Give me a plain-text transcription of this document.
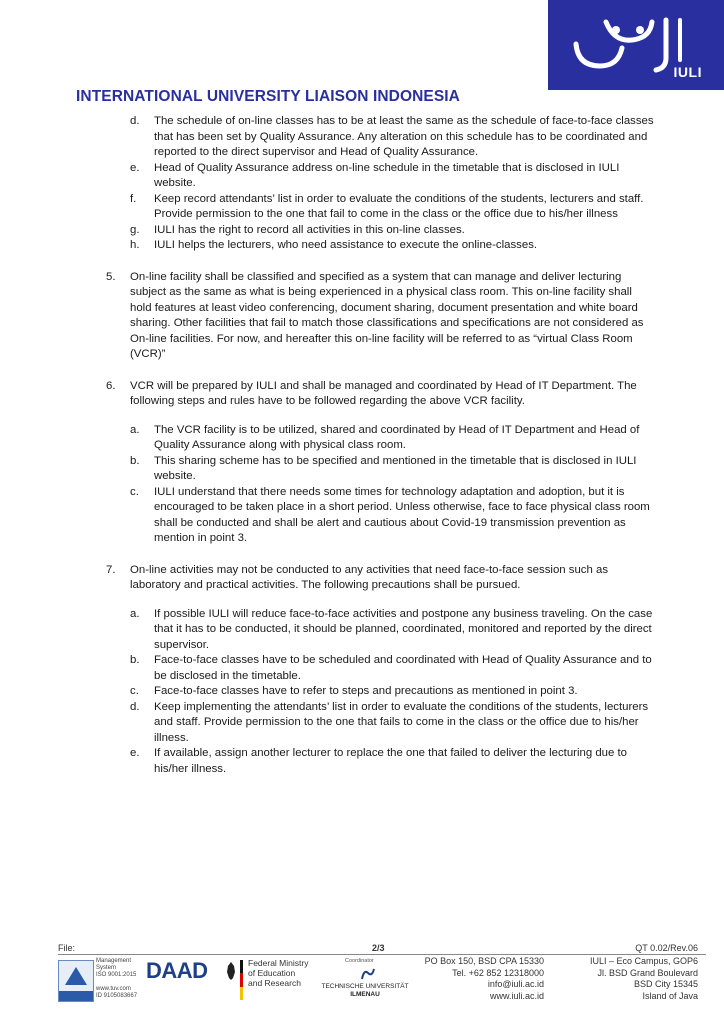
IULI
INTERNATIONAL UNIVERSITY LIAISON INDONESIA

d. The schedule of on-line classes has to be at least the same as the schedule of face-to-face classes that has been set by Quality Assurance. Any alteration on this schedule has to be coordinated and reported to the direct supervisor and Head of Quality Assurance.

e. Head of Quality Assurance address on-line schedule in the timetable that is disclosed in IULI website.

f. Keep record attendants’ list in order to evaluate the conditions of the students, lecturers and staff. Provide permission to the one that fail to come in the class or the office due to his/her illness

g. IULI has the right to record all activities in this on-line classes.

h. IULI helps the lecturers, who need assistance to execute the online-classes.

5. On-line facility shall be classified and specified as a system that can manage and deliver lecturing subject as the same as what is being experienced in a physical class room. This on-line facility shall hold features at least video conferencing, document sharing, document presentation and white board sharing. Other facilities that fail to match those classifications and specifications are not considered as On-line facilities. For now, and hereafter this on-line facility will be referred to as “virtual Class Room (VCR)”

6. VCR will be prepared by IULI and shall be managed and coordinated by Head of IT Department. The following steps and rules have to be followed regarding the above VCR facility.

a. The VCR facility is to be utilized, shared and coordinated by Head of IT Department and Head of Quality Assurance along with physical class room.

b. This sharing scheme has to be specified and mentioned in the timetable that is disclosed in IULI website.

c. IULI understand that there needs some times for technology adaptation and adoption, but it is encouraged to be taken place in a short period. Unless otherwise, face to face physical class room shall be conducted and shall be alert and cautious about Covid-19 transmission prevention as mention in point 3.

7. On-line activities may not be conducted to any activities that need face-to-face session such as laboratory and practical activities. The following precautions shall be pursued.

a. If possible IULI will reduce face-to-face activities and postpone any business traveling. On the case that it has to be conducted, it should be planned, coordinated, monitored and reported by the direct supervisor.

b. Face-to-face classes have to be scheduled and coordinated with Head of Quality Assurance and to be disclosed in the timetable.

c. Face-to-face classes have to refer to steps and precautions as mentioned in point 3.

d. Keep implementing the attendants’ list in order to evaluate the conditions of the students, lecturers and staff. Provide permission to the one that fails to come in the class or the office due to his/her illness.

e. If available, assign another lecturer to replace the one that failed to deliver the lecturing due to his/her illness.

File:	2/3	QT 0.02/Rev.06
Management
System
ISO 9001:2015

www.tuv.com
ID 9105083667
DAAD	Federal Ministry
of Education
and Research
Coordinator
TECHNISCHE UNIVERSITÄT
ILMENAU
PO Box 150, BSD CPA 15330
Tel. +62 852 12318000
info@iuli.ac.id
www.iuli.ac.id
IULI – Eco Campus, GOP6
Jl. BSD Grand Boulevard
BSD City 15345
Island of Java
